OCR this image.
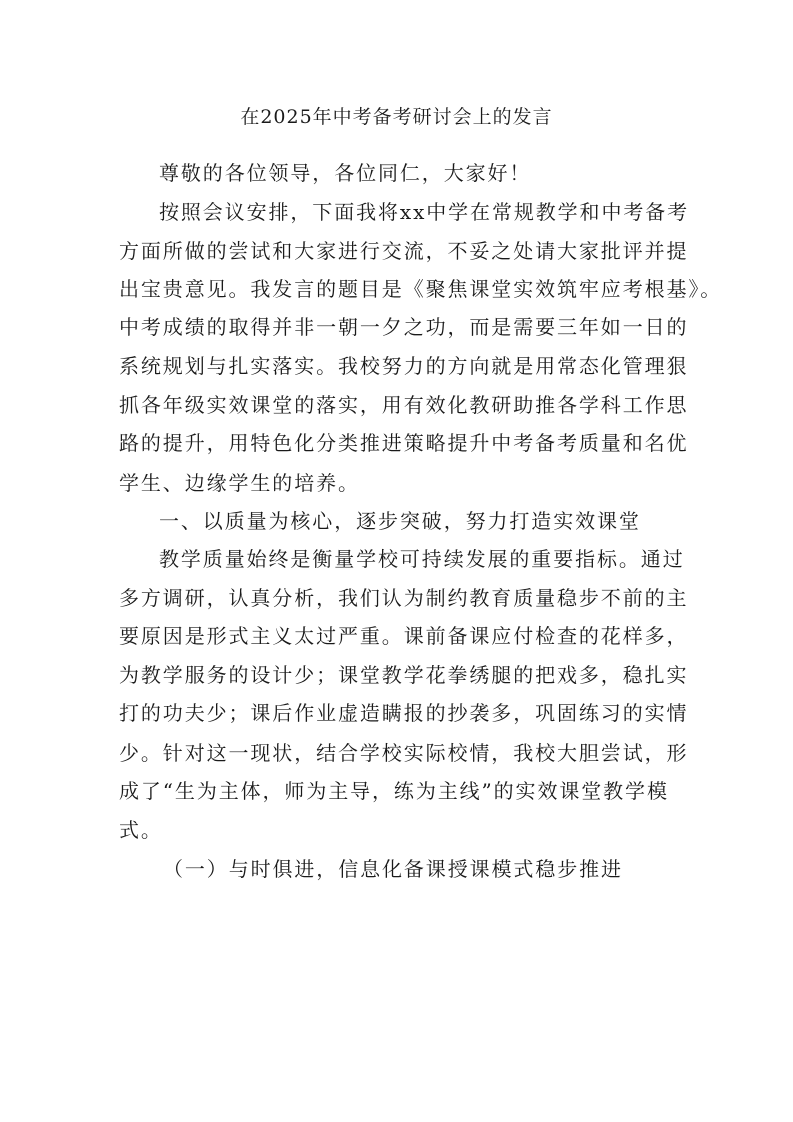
在2025年中考备考研讨会上的发言
尊敬的各位领导，各位同仁，大家好！
按照会议安排，下面我将xx中学在常规教学和中考备考
方面所做的尝试和大家进行交流，不妥之处请大家批评并提
出宝贵意见。我发言的题目是《聚焦课堂实效筑牢应考根基》。
中考成绩的取得并非一朝一夕之功，而是需要三年如一日的
系统规划与扎实落实。我校努力的方向就是用常态化管理狠
抓各年级实效课堂的落实，用有效化教研助推各学科工作思
路的提升，用特色化分类推进策略提升中考备考质量和名优
学生、边缘学生的培养。
一、以质量为核心，逐步突破，努力打造实效课堂
教学质量始终是衡量学校可持续发展的重要指标。通过
多方调研，认真分析，我们认为制约教育质量稳步不前的主
要原因是形式主义太过严重。课前备课应付检查的花样多，
为教学服务的设计少；课堂教学花拳绣腿的把戏多，稳扎实
打的功夫少；课后作业虚造瞒报的抄袭多，巩固练习的实情
少。针对这一现状，结合学校实际校情，我校大胆尝试，形
成了“生为主体，师为主导，练为主线”的实效课堂教学模
式。
（一）与时俱进，信息化备课授课模式稳步推进
